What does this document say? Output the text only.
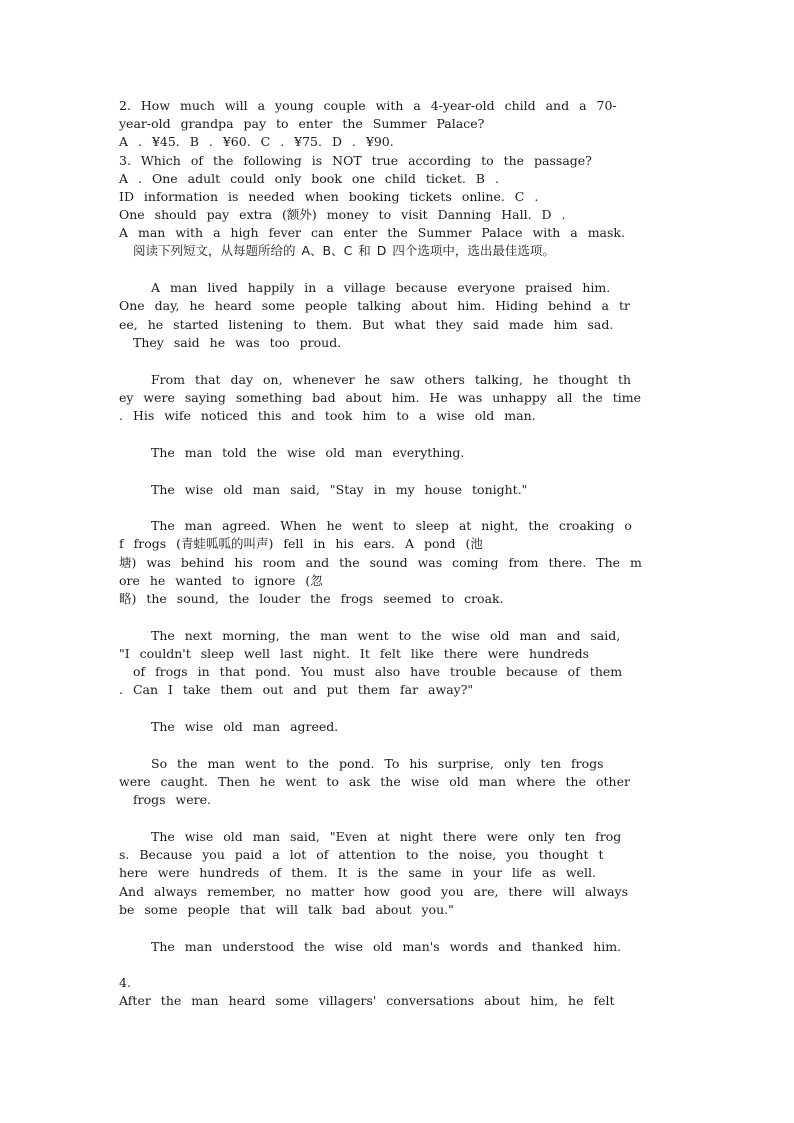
2. How much will a young couple with a 4-year-old child and a 70-
year-old grandpa pay to enter the Summer Palace?
A . ¥45. B . ¥60. C . ¥75. D . ¥90.
3. Which of the following is NOT true according to the passage?
A . One adult could only book one child ticket. B .
ID information is needed when booking tickets online. C .
One should pay extra (额外) money to visit Danning Hall. D .
A man with a high fever can enter the Summer Palace with a mask.
阅读下列短文，从每题所给的 A、B、C 和 D 四个选项中，选出最佳选项。
A man lived happily in a village because everyone praised him.
One day, he heard some people talking about him. Hiding behind a tr
ee, he started listening to them. But what they said made him sad.
They said he was too proud.
From that day on, whenever he saw others talking, he thought th
ey were saying something bad about him. He was unhappy all the time
. His wife noticed this and took him to a wise old man.
The man told the wise old man everything.
The wise old man said, "Stay in my house tonight."
The man agreed. When he went to sleep at night, the croaking o
f frogs (青蛙呱呱的叫声) fell in his ears. A pond (池
塘) was behind his room and the sound was coming from there. The m
ore he wanted to ignore (忽
略) the sound, the louder the frogs seemed to croak.
The next morning, the man went to the wise old man and said,
"I couldn't sleep well last night. It felt like there were hundreds
of frogs in that pond. You must also have trouble because of them
. Can I take them out and put them far away?"
The wise old man agreed.
So the man went to the pond. To his surprise, only ten frogs
were caught. Then he went to ask the wise old man where the other
frogs were.
The wise old man said, "Even at night there were only ten frog
s. Because you paid a lot of attention to the noise, you thought t
here were hundreds of them. It is the same in your life as well.
And always remember, no matter how good you are, there will always
be some people that will talk bad about you."
The man understood the wise old man's words and thanked him.
4.
After the man heard some villagers' conversations about him, he felt
